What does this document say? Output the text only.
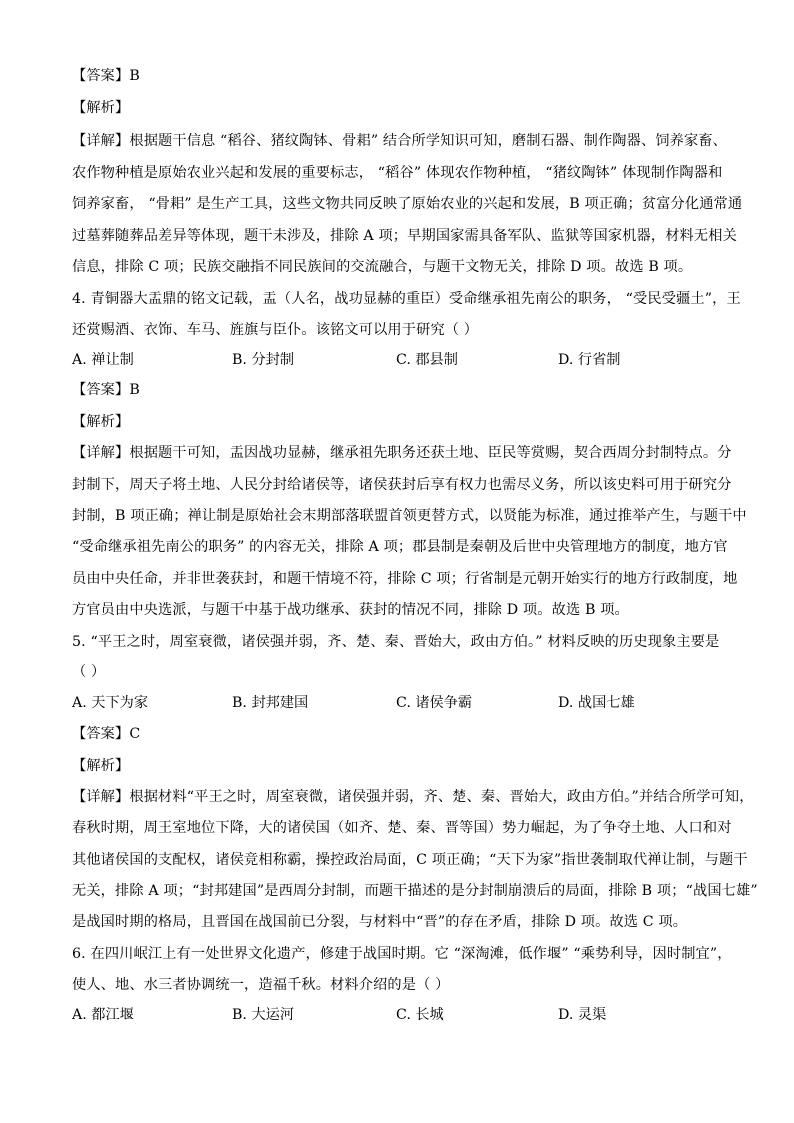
【答案】B
【解析】
【详解】根据题干信息 “稻谷、猪纹陶钵、骨耜” 结合所学知识可知，磨制石器、制作陶器、饲养家畜、
农作物种植是原始农业兴起和发展的重要标志， “稻谷” 体现农作物种植， “猪纹陶钵” 体现制作陶器和
饲养家畜， “骨耜” 是生产工具，这些文物共同反映了原始农业的兴起和发展，B 项正确；贫富分化通常通
过墓葬随葬品差异等体现，题干未涉及，排除 A 项；早期国家需具备军队、监狱等国家机器，材料无相关
信息，排除 C 项；民族交融指不同民族间的交流融合，与题干文物无关，排除 D 项。故选 B 项。
4. 青铜器大盂鼎的铭文记载，盂（人名，战功显赫的重臣）受命继承祖先南公的职务， “受民受疆土”，王
还赏赐酒、衣饰、车马、旌旗与臣仆。该铭文可以用于研究（ ）
A. 禅让制	B. 分封制	C. 郡县制	D. 行省制
【答案】B
【解析】
【详解】根据题干可知，盂因战功显赫，继承祖先职务还获土地、臣民等赏赐，契合西周分封制特点。分
封制下，周天子将土地、人民分封给诸侯等，诸侯获封后享有权力也需尽义务，所以该史料可用于研究分
封制，B 项正确；禅让制是原始社会末期部落联盟首领更替方式，以贤能为标准，通过推举产生，与题干中
“受命继承祖先南公的职务” 的内容无关，排除 A 项；郡县制是秦朝及后世中央管理地方的制度，地方官
员由中央任命，并非世袭获封，和题干情境不符，排除 C 项；行省制是元朝开始实行的地方行政制度，地
方官员由中央选派，与题干中基于战功继承、获封的情况不同，排除 D 项。故选 B 项。
5. “平王之时，周室衰微，诸侯强并弱，齐、楚、秦、晋始大，政由方伯。” 材料反映的历史现象主要是
（ ）
A. 天下为家	B. 封邦建国	C. 诸侯争霸	D. 战国七雄
【答案】C
【解析】
【详解】根据材料“平王之时，周室衰微，诸侯强并弱，齐、楚、秦、晋始大，政由方伯。”并结合所学可知，
春秋时期，周王室地位下降，大的诸侯国（如齐、楚、秦、晋等国）势力崛起，为了争夺土地、人口和对
其他诸侯国的支配权，诸侯竞相称霸，操控政治局面，C 项正确；“天下为家”指世袭制取代禅让制，与题干
无关，排除 A 项；“封邦建国”是西周分封制，而题干描述的是分封制崩溃后的局面，排除 B 项；“战国七雄”
是战国时期的格局，且晋国在战国前已分裂，与材料中“晋”的存在矛盾，排除 D 项。故选 C 项。
6. 在四川岷江上有一处世界文化遗产，修建于战国时期。它 “深淘滩，低作堰” “乘势利导，因时制宜”，
使人、地、水三者协调统一，造福千秋。材料介绍的是（ ）
A. 都江堰	B. 大运河	C. 长城	D. 灵渠
